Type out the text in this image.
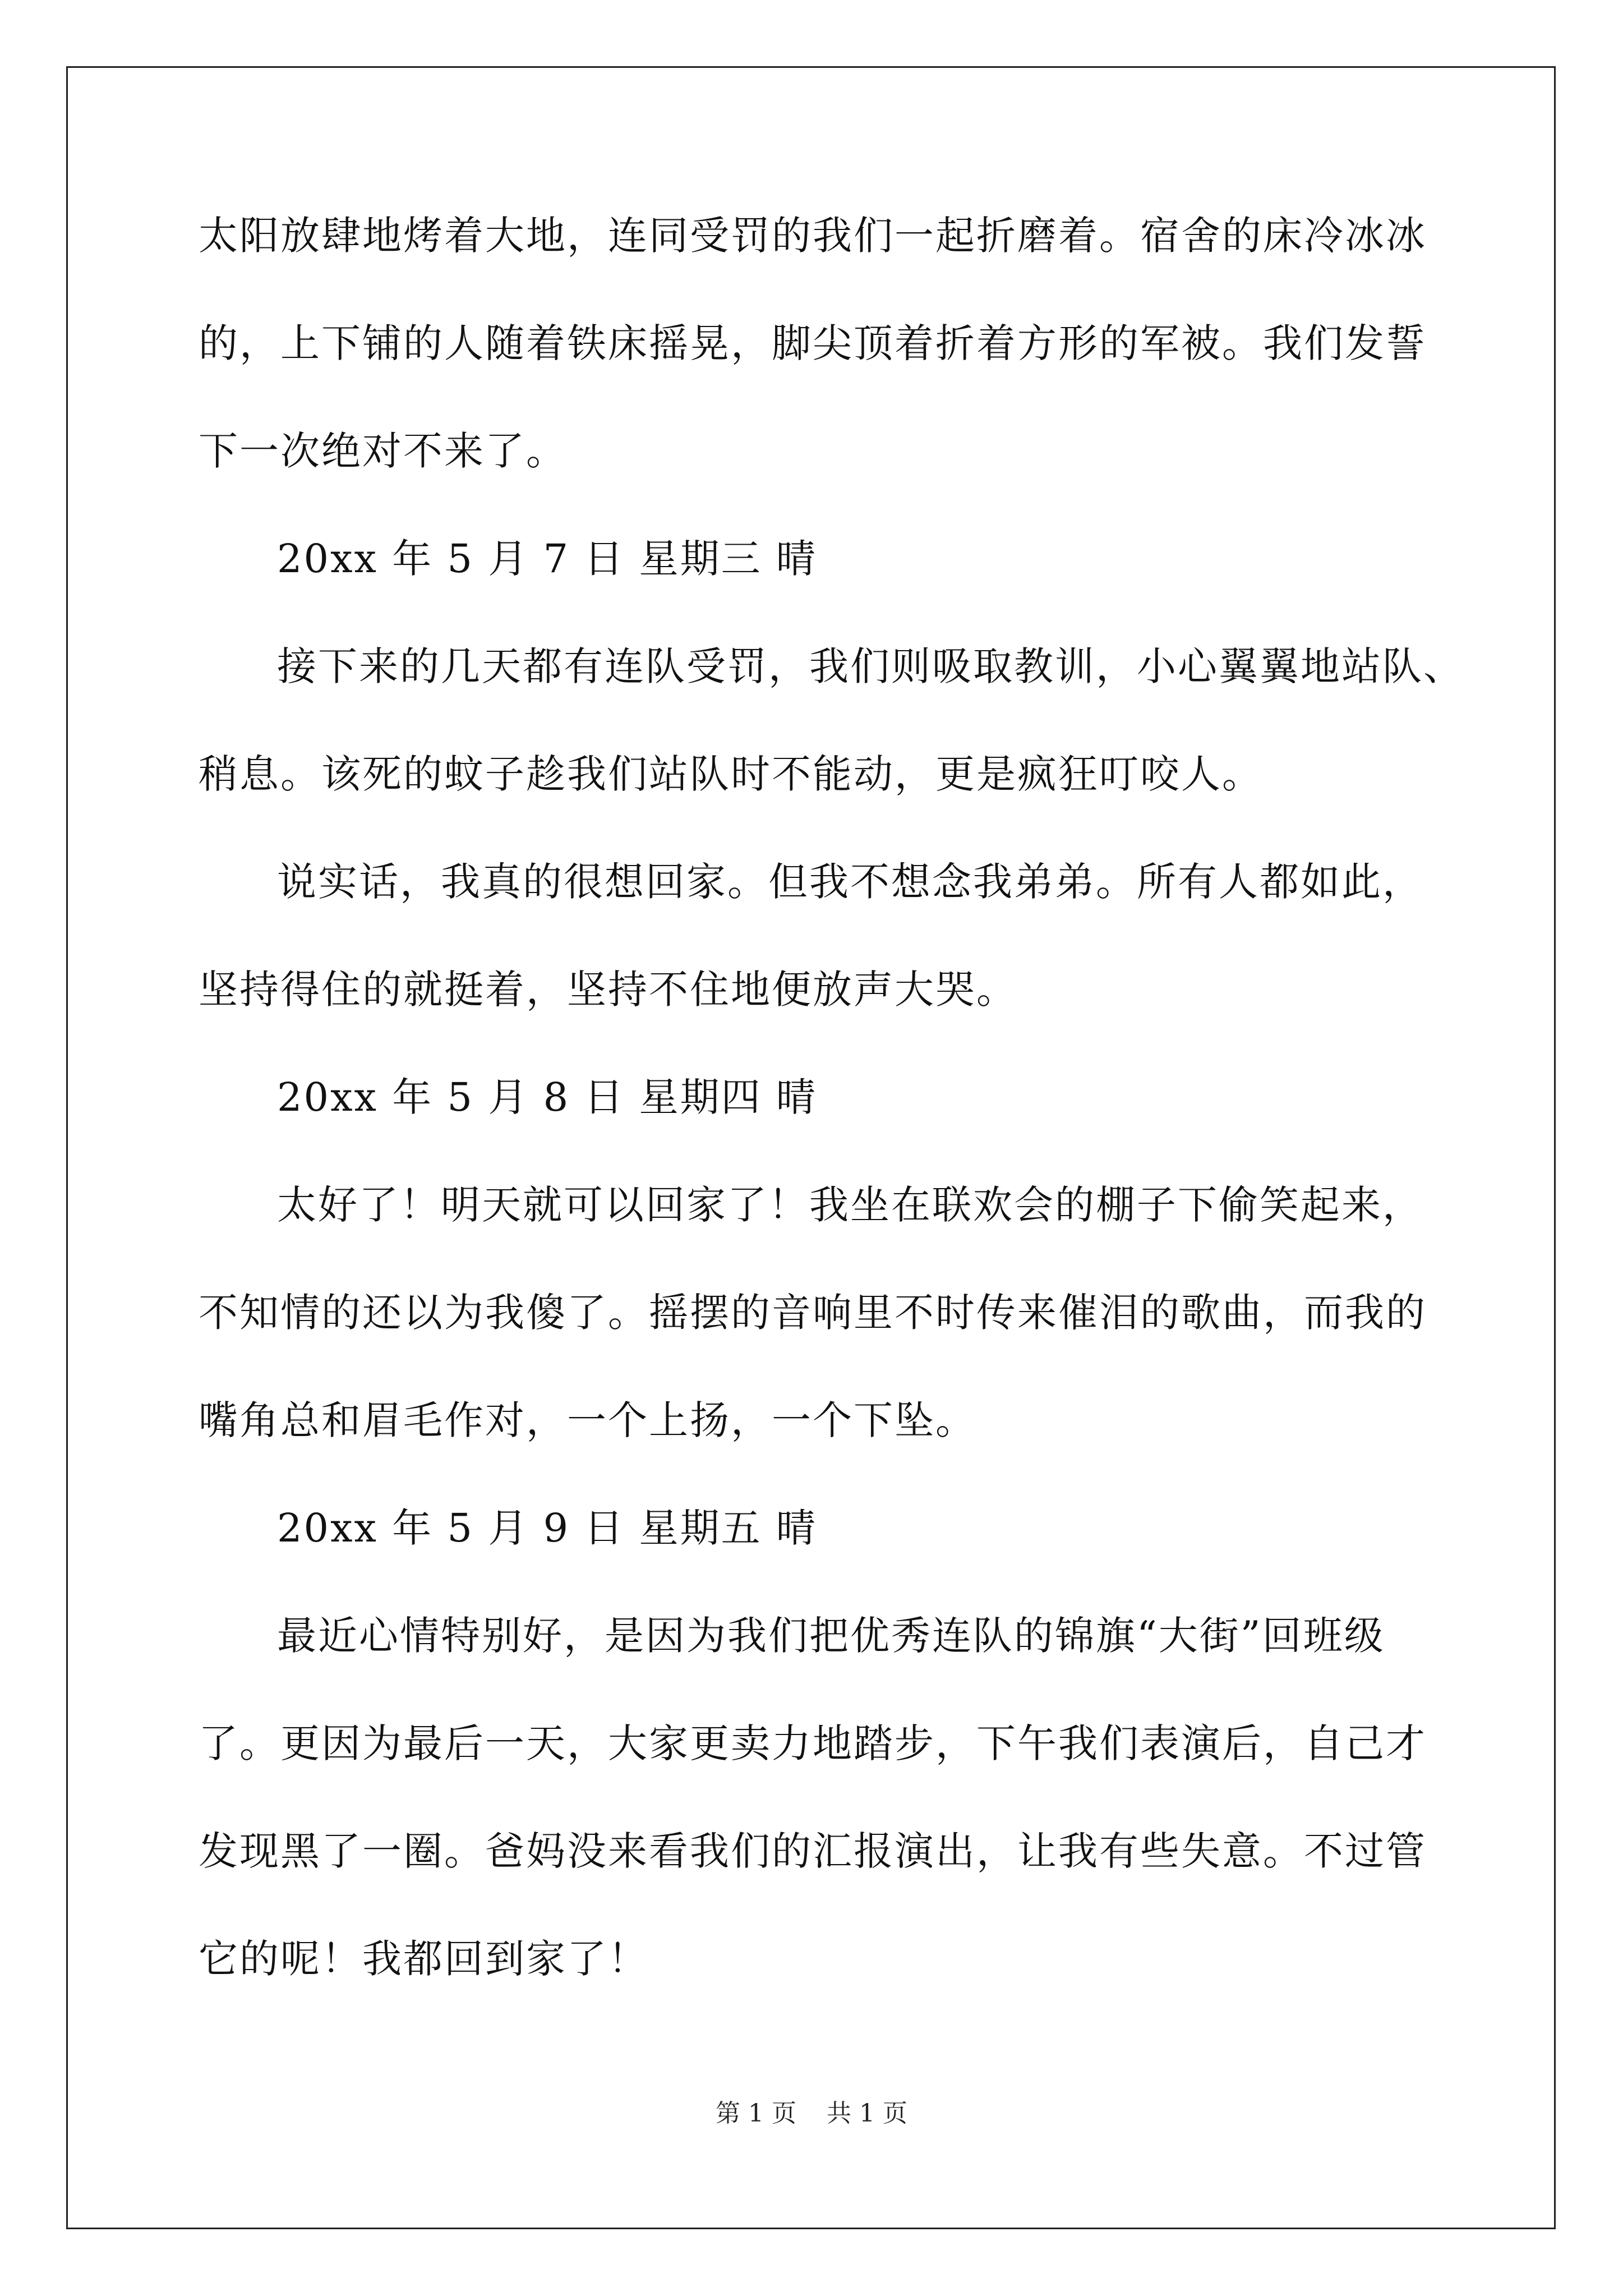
太阳放肆地烤着大地，连同受罚的我们一起折磨着。宿舍的床冷冰冰
的，上下铺的人随着铁床摇晃，脚尖顶着折着方形的军被。我们发誓
下一次绝对不来了。
20xx 年 5 月 7 日 星期三 晴
接下来的几天都有连队受罚，我们则吸取教训，小心翼翼地站队、
稍息。该死的蚊子趁我们站队时不能动，更是疯狂叮咬人。
说实话，我真的很想回家。但我不想念我弟弟。所有人都如此，
坚持得住的就挺着，坚持不住地便放声大哭。
20xx 年 5 月 8 日 星期四 晴
太好了！明天就可以回家了！我坐在联欢会的棚子下偷笑起来，
不知情的还以为我傻了。摇摆的音响里不时传来催泪的歌曲，而我的
嘴角总和眉毛作对，一个上扬，一个下坠。
20xx 年 5 月 9 日 星期五 晴
最近心情特别好，是因为我们把优秀连队的锦旗“大街”回班级
了。更因为最后一天，大家更卖力地踏步，下午我们表演后，自己才
发现黑了一圈。爸妈没来看我们的汇报演出，让我有些失意。不过管
它的呢！我都回到家了！
第 1 页 共 1 页
